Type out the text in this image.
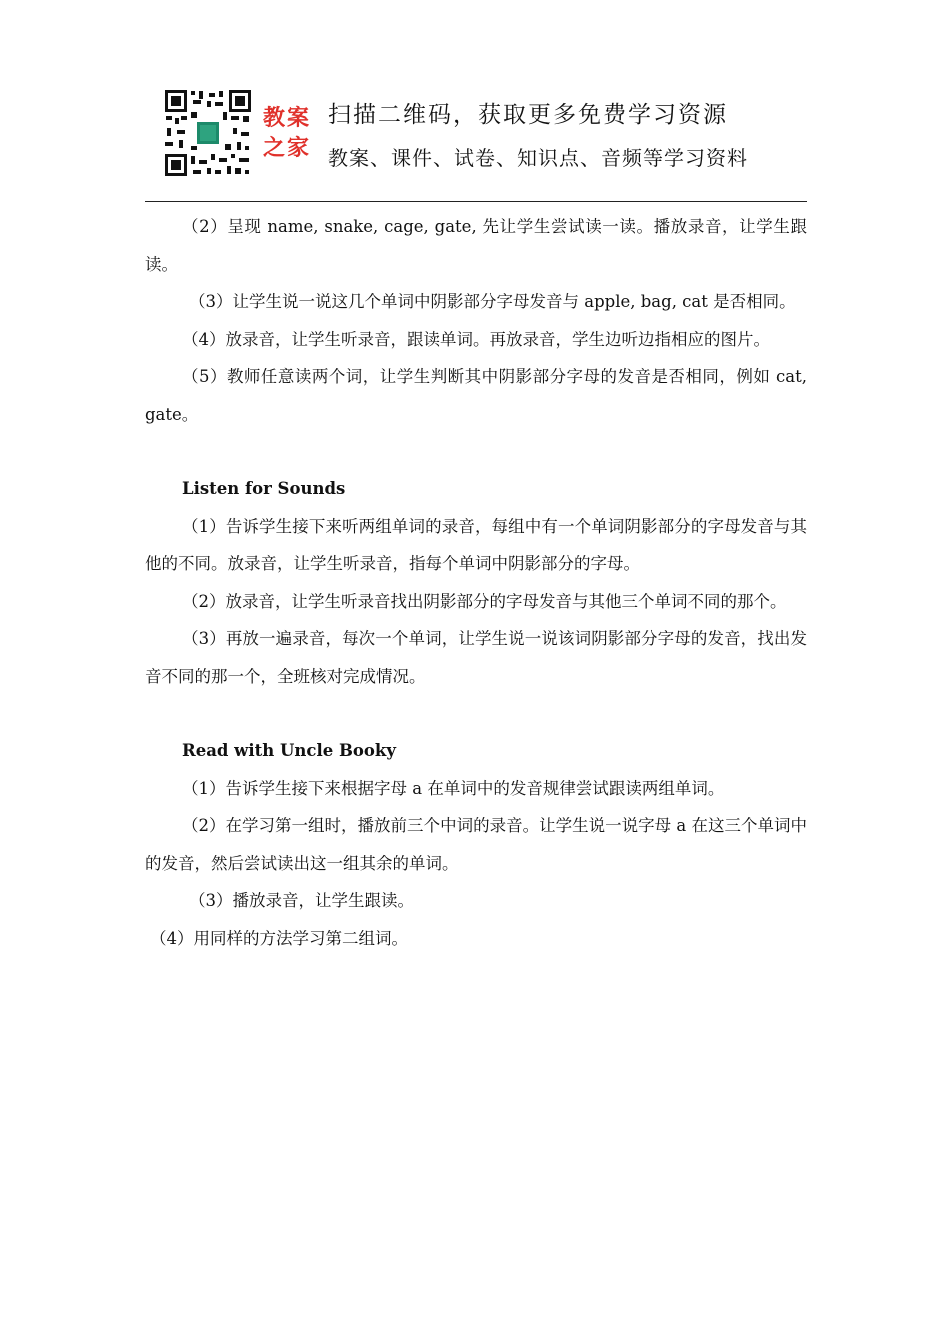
教案
之家
扫描二维码，获取更多免费学习资源
教案、课件、试卷、知识点、音频等学习资料

（2）呈现 name, snake, cage, gate, 先让学生尝试读一读。播放录音，让学生跟读。

（3）让学生说一说这几个单词中阴影部分字母发音与 apple, bag, cat 是否相同。

（4）放录音，让学生听录音，跟读单词。再放录音，学生边听边指相应的图片。

（5）教师任意读两个词，让学生判断其中阴影部分字母的发音是否相同，例如 cat, gate。

Listen for Sounds

（1）告诉学生接下来听两组单词的录音，每组中有一个单词阴影部分的字母发音与其他的不同。放录音，让学生听录音，指每个单词中阴影部分的字母。

（2）放录音，让学生听录音找出阴影部分的字母发音与其他三个单词不同的那个。

（3）再放一遍录音，每次一个单词，让学生说一说该词阴影部分字母的发音，找出发音不同的那一个，全班核对完成情况。

Read with Uncle Booky

（1）告诉学生接下来根据字母 a 在单词中的发音规律尝试跟读两组单词。

（2）在学习第一组时，播放前三个中词的录音。让学生说一说字母 a 在这三个单词中的发音，然后尝试读出这一组其余的单词。

（3）播放录音，让学生跟读。

（4）用同样的方法学习第二组词。
